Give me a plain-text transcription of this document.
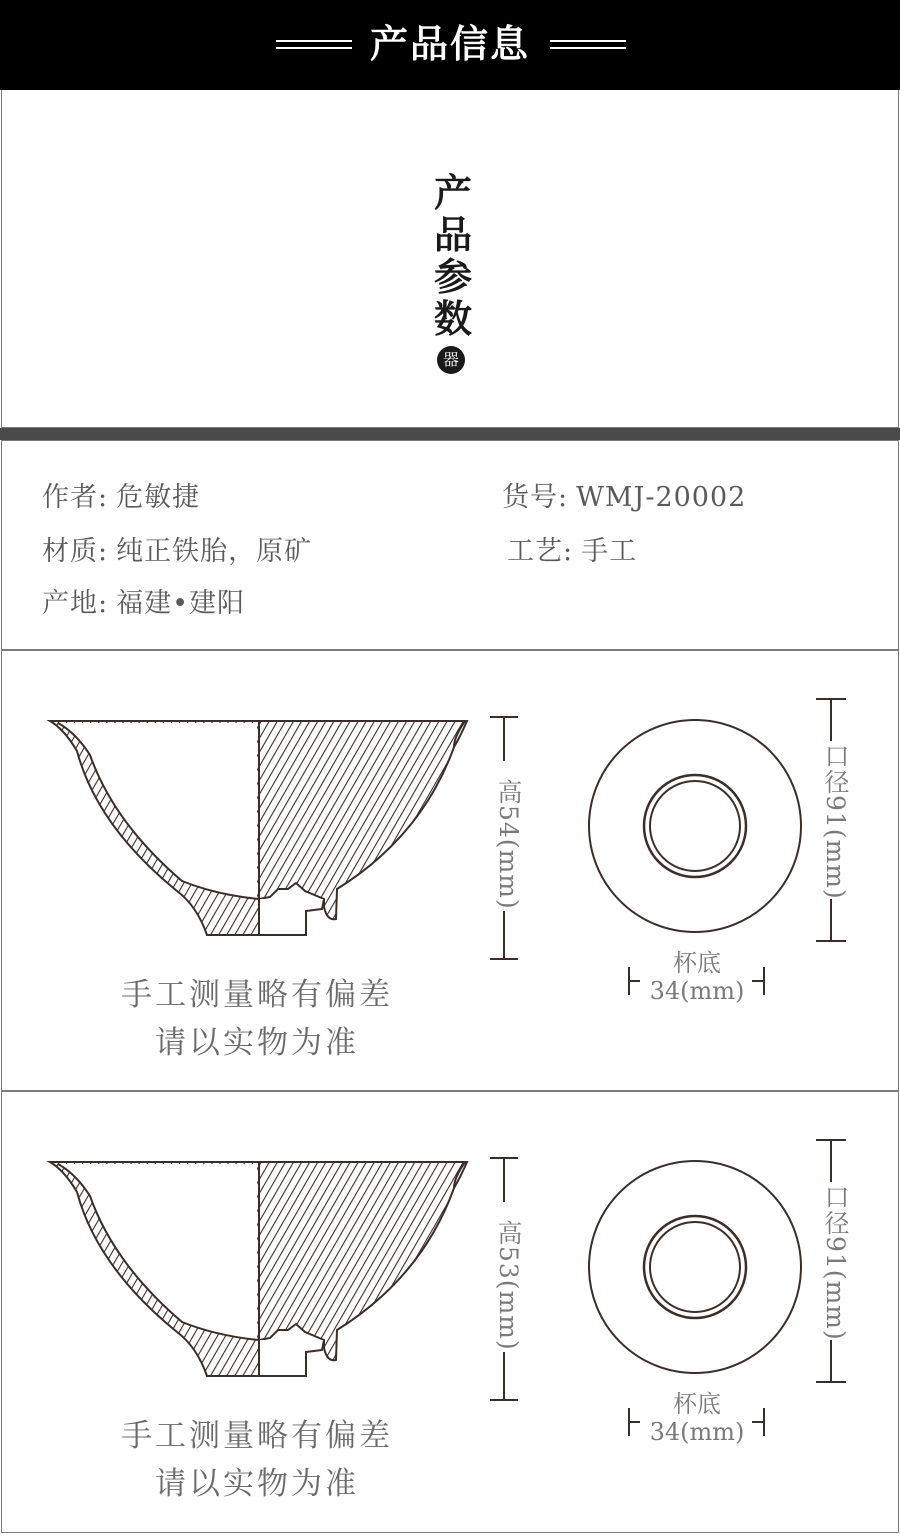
产品信息
产
品
参
数
器
作者: 危敏捷	货号: WMJ-20002
材质: 纯正铁胎，原矿	工艺: 手工
产地: 福建•建阳
高54(mm)	口径91(mm)
杯底
34(mm)
手工测量略有偏差
请以实物为准
高53(mm)	口径91(mm)
杯底
34(mm)
手工测量略有偏差
请以实物为准
